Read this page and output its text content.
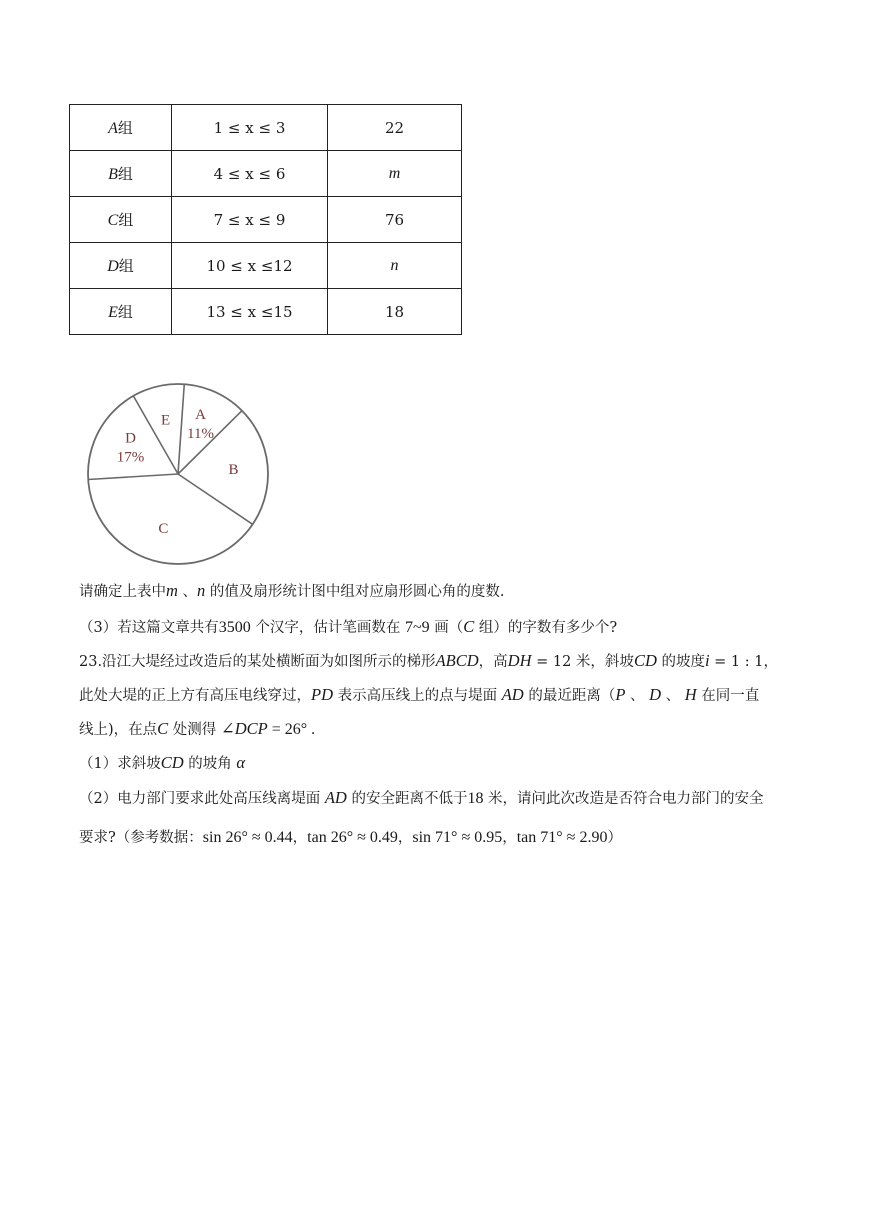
A组	1 ≤ x ≤ 3	22
B组	4 ≤ x ≤ 6	m
C组	7 ≤ x ≤ 9	76
D组	10 ≤ x ≤12	n
E组	13 ≤ x ≤15	18
A
11%
B
C
D
17%
E
请确定上表中m 、n 的值及扇形统计图中组对应扇形圆心角的度数.
（3）若这篇文章共有3500 个汉字，估计笔画数在 7~9 画（C 组）的字数有多少个?
23.沿江大堤经过改造后的某处横断面为如图所示的梯形ABCD，高DH = 12 米，斜坡CD 的坡度i = 1 : 1，
此处大堤的正上方有高压电线穿过，PD 表示高压线上的点与堤面 AD 的最近距离（P 、 D 、 H 在同一直
线上)，在点C 处测得 ∠DCP = 26° .
（1）求斜坡CD 的坡角 α
（2）电力部门要求此处高压线离堤面 AD 的安全距离不低于18 米，请问此次改造是否符合电力部门的安全
要求?（参考数据：sin 26° ≈ 0.44，tan 26° ≈ 0.49，sin 71° ≈ 0.95，tan 71° ≈ 2.90）
